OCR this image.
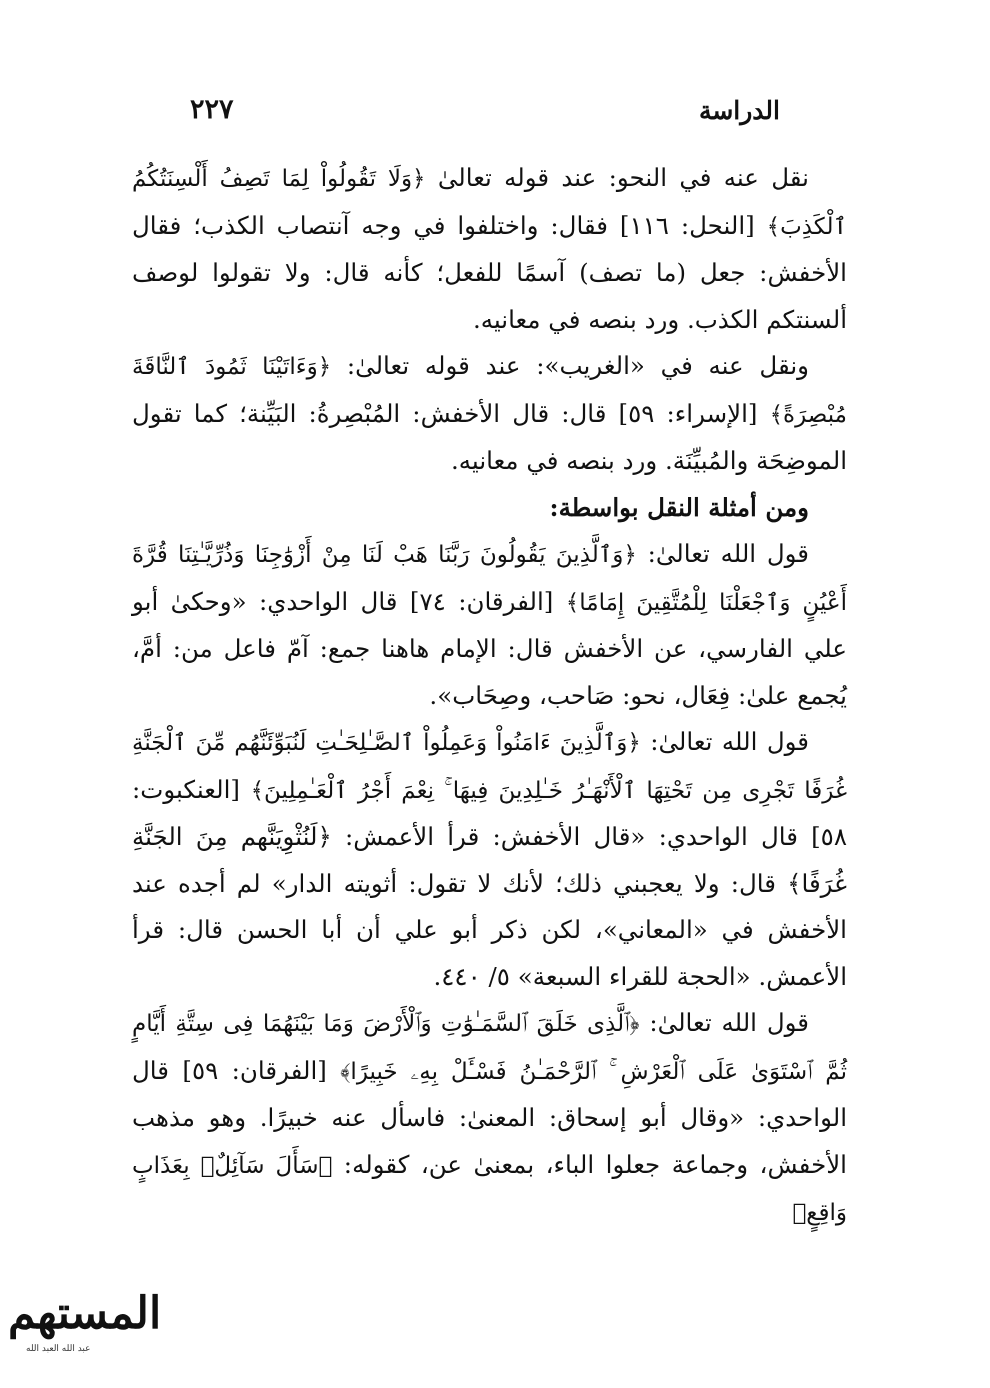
الدراسة
٢٢٧

نقل عنه في النحو: عند قوله تعالىٰ ﴿وَلَا تَقُولُواْ لِمَا تَصِفُ أَلْسِنَتُكُمُ ٱلْكَذِبَ﴾ [النحل: ١١٦] فقال: واختلفوا في وجه آنتصاب الكذب؛ فقال الأخفش: جعل (ما تصف) آسمًا للفعل؛ كأنه قال: ولا تقولوا لوصف ألسنتكم الكذب. ورد بنصه في معانيه.

ونقل عنه في «الغريب»: عند قوله تعالىٰ: ﴿وَءَاتَيْنَا ثَمُودَ ٱلنَّاقَةَ مُبْصِرَةً﴾ [الإسراء: ٥٩] قال: قال الأخفش: المُبْصِرةُ: البَيِّنة؛ كما تقول الموضِحَة والمُبيِّنَة. ورد بنصه في معانيه.

ومن أمثلة النقل بواسطة:

قول الله تعالىٰ: ﴿وَٱلَّذِينَ يَقُولُونَ رَبَّنَا هَبْ لَنَا مِنْ أَزْوَٰجِنَا وَذُرِّيَّـٰتِنَا قُرَّةَ أَعْيُنٍ وَٱجْعَلْنَا لِلْمُتَّقِينَ إِمَامًا﴾ [الفرقان: ٧٤] قال الواحدي: «وحكىٰ أبو علي الفارسي، عن الأخفش قال: الإمام هاهنا جمع: آمّ فاعل من: أمَّ، يُجمع علىٰ: فِعَال، نحو: صَاحب، وصِحَاب».

قول الله تعالىٰ: ﴿وَٱلَّذِينَ ءَامَنُواْ وَعَمِلُواْ ٱلصَّـٰلِحَـٰتِ لَنُبَوِّئَنَّهُم مِّنَ ٱلْجَنَّةِ غُرَفًا تَجْرِى مِن تَحْتِهَا ٱلْأَنْهَـٰرُ خَـٰلِدِينَ فِيهَا ۚ نِعْمَ أَجْرُ ٱلْعَـٰمِلِينَ﴾ [العنكبوت: ٥٨] قال الواحدي: «قال الأخفش: قرأ الأعمش: ﴿لَنُثْوِيَنَّهم مِنَ الجَنَّةِ غُرَفًا﴾ قال: ولا يعجبني ذلك؛ لأنك لا تقول: أثويته الدار» لم أجده عند الأخفش في «المعاني»، لكن ذكر أبو علي أن أبا الحسن قال: قرأ الأعمش. «الحجة للقراء السبعة» ٥/ ٤٤٠.

قول الله تعالىٰ: ﴿ٱلَّذِى خَلَقَ ٱلسَّمَـٰوَٰتِ وَٱلْأَرْضَ وَمَا بَيْنَهُمَا فِى سِتَّةِ أَيَّامٍ ثُمَّ ٱسْتَوَىٰ عَلَى ٱلْعَرْشِ ۚ ٱلرَّحْمَـٰنُ فَسْـَٔلْ بِهِۦ خَبِيرًا﴾ [الفرقان: ٥٩] قال الواحدي: «وقال أبو إسحاق: المعنىٰ: فاسأل عنه خبيرًا. وهو مذهب الأخفش، وجماعة جعلوا الباء، بمعنىٰ عن، كقوله: ﴿سَأَلَ سَآئِلٌۢ بِعَذَابٍ وَاقِعٍ﴾

المستهم
عبد الله العبد الله
